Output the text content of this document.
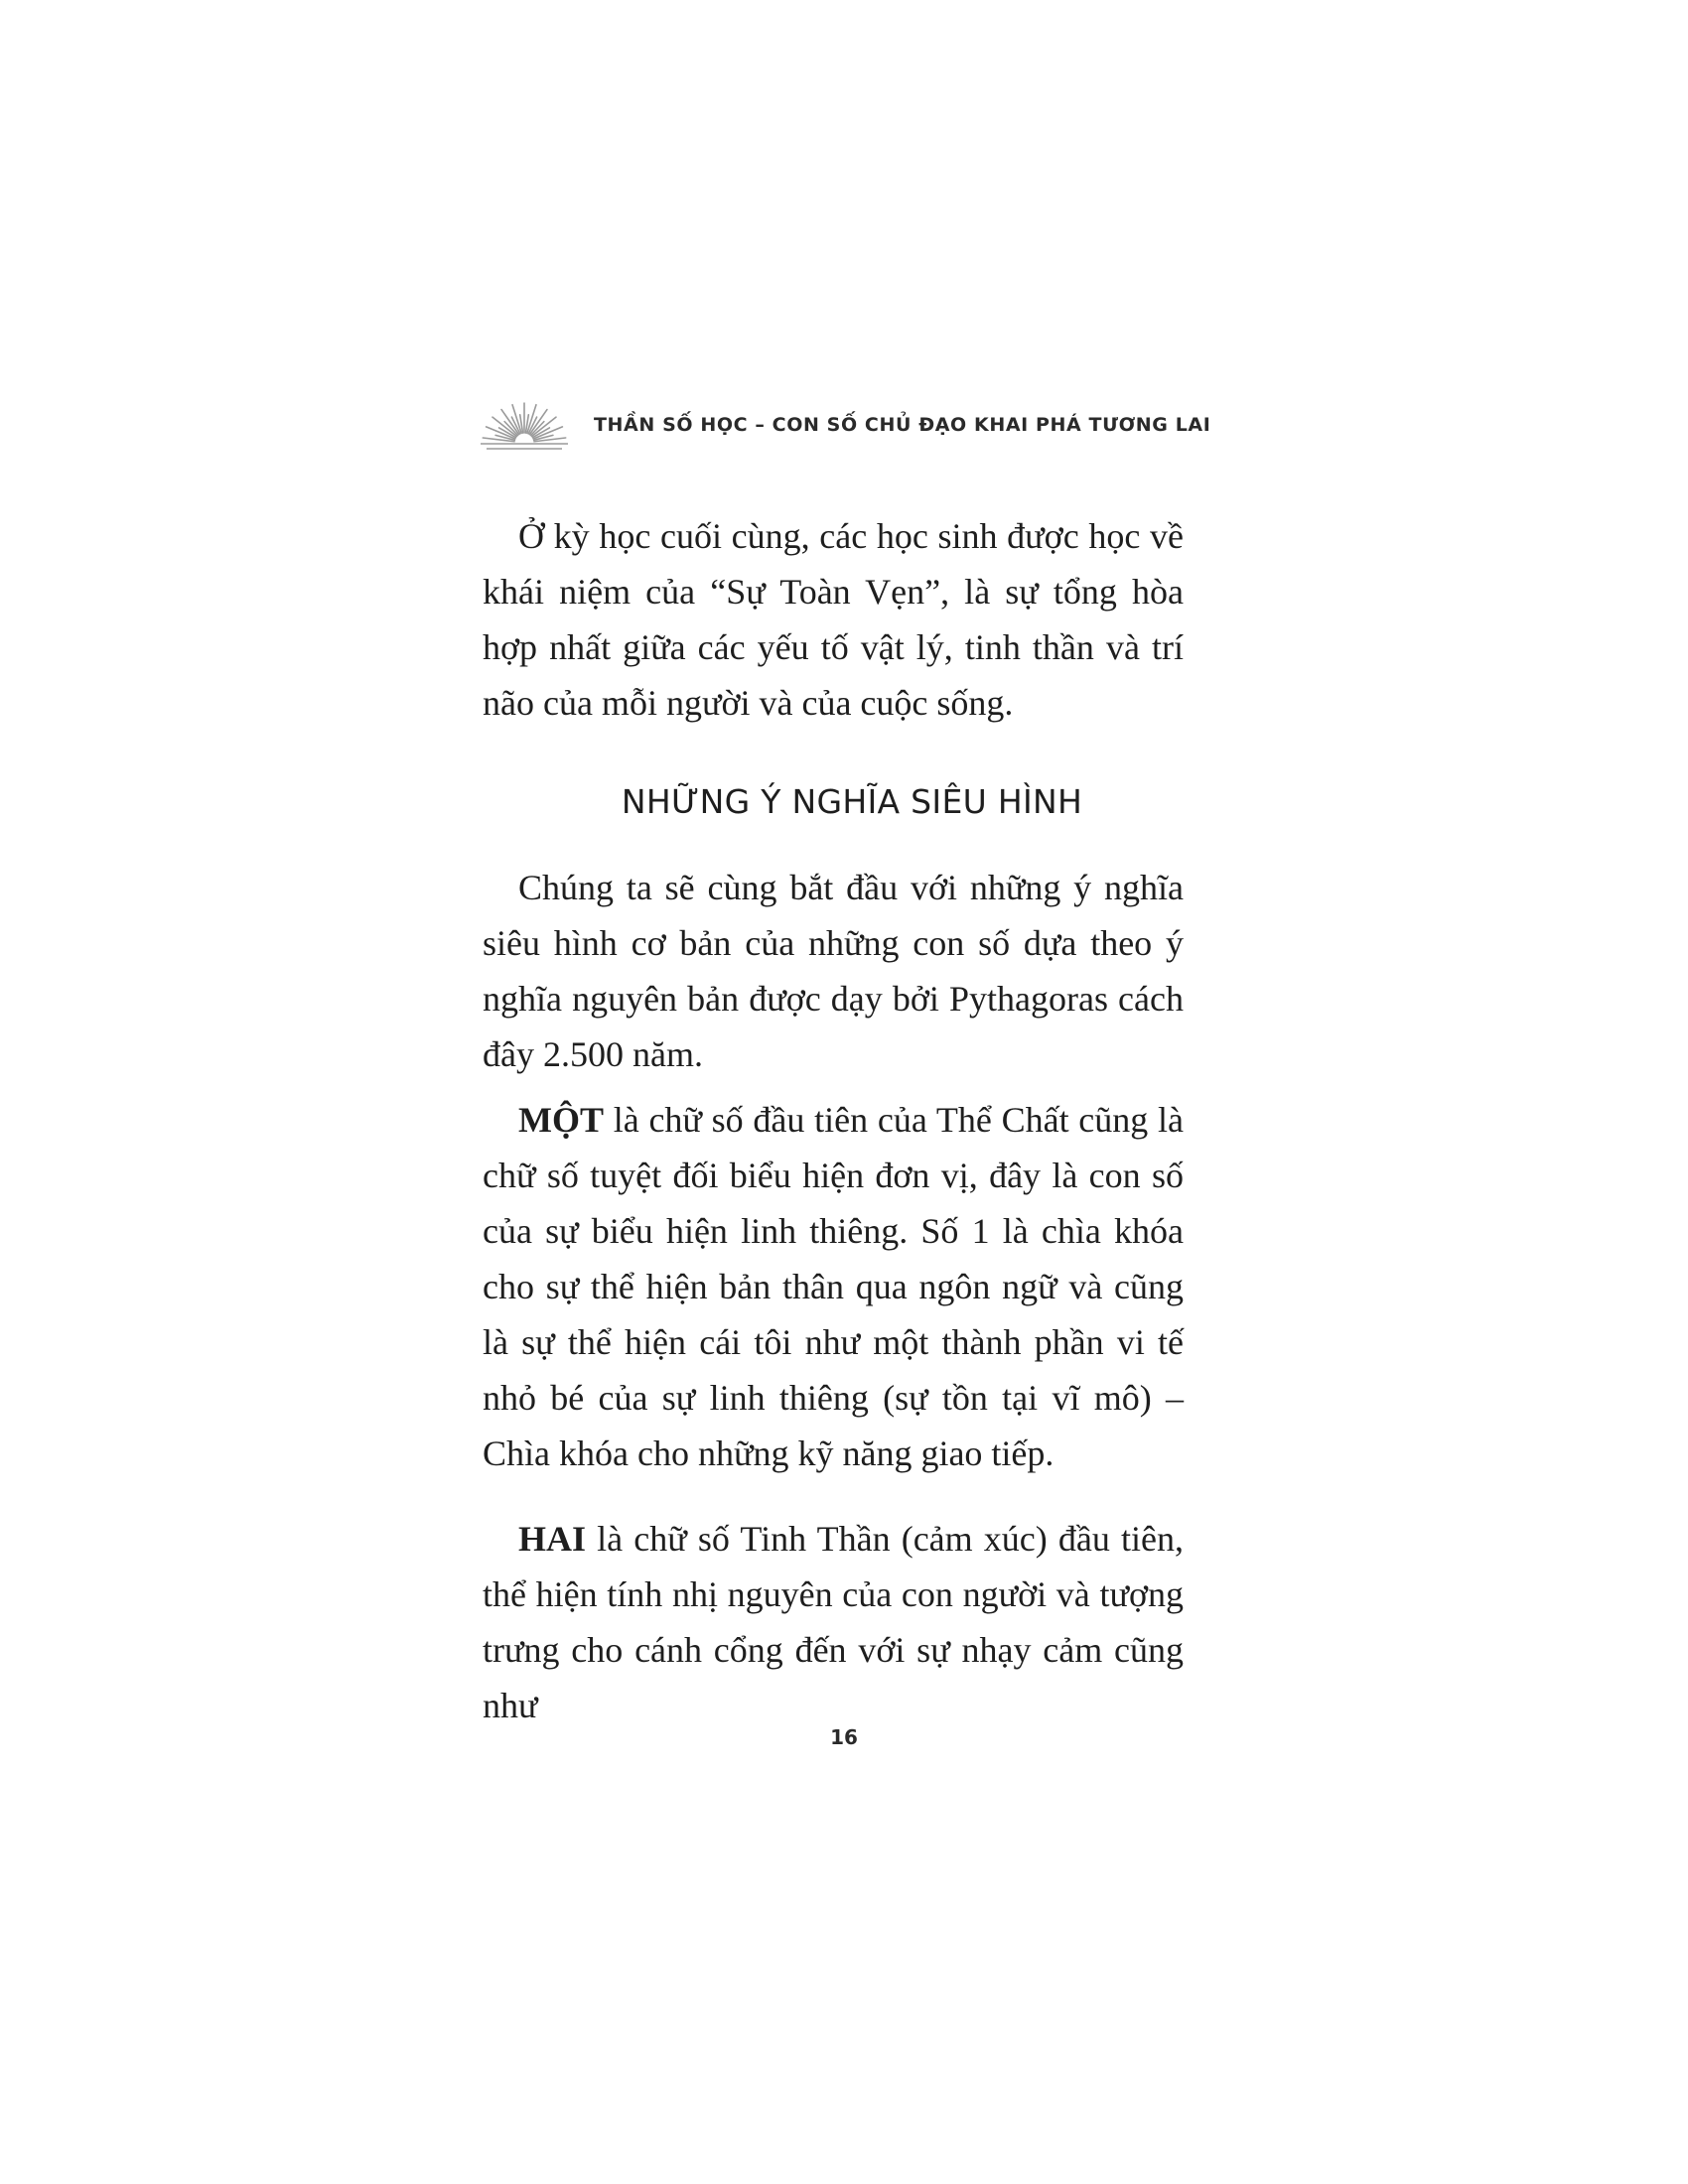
THẦN SỐ HỌC – CON SỐ CHỦ ĐẠO KHAI PHÁ TƯƠNG LAI

Ở kỳ học cuối cùng, các học sinh được học về khái niệm của “Sự Toàn Vẹn”, là sự tổng hòa hợp nhất giữa các yếu tố vật lý, tinh thần và trí não của mỗi người và của cuộc sống.

NHỮNG Ý NGHĨA SIÊU HÌNH

Chúng ta sẽ cùng bắt đầu với những ý nghĩa siêu hình cơ bản của những con số dựa theo ý nghĩa nguyên bản được dạy bởi Pythagoras cách đây 2.500 năm.

MỘT là chữ số đầu tiên của Thể Chất cũng là chữ số tuyệt đối biểu hiện đơn vị, đây là con số của sự biểu hiện linh thiêng. Số 1 là chìa khóa cho sự thể hiện bản thân qua ngôn ngữ và cũng là sự thể hiện cái tôi như một thành phần vi tế nhỏ bé của sự linh thiêng (sự tồn tại vĩ mô) – Chìa khóa cho những kỹ năng giao tiếp.

HAI là chữ số Tinh Thần (cảm xúc) đầu tiên, thể hiện tính nhị nguyên của con người và tượng trưng cho cánh cổng đến với sự nhạy cảm cũng như

16
